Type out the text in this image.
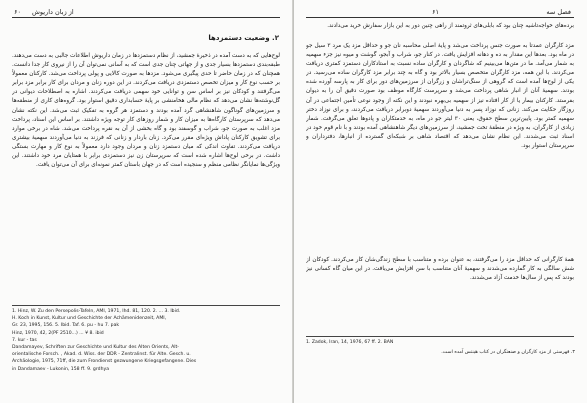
۶۰ از زبان داریوش
۲. وضعیت دستمزدها
لوح‌هایی که به دست آمده در ذخیرهٔ جمشید، از نظام دستمزدها در زمان داریوش اطلاعات جالبی به دست می‌دهند. طبقه‌بندی دستمزدها بسیار جدی و از جهاتی چنان جدی است که به آسانی نمی‌توان آن را از نیروی کار جدا دانست. همچنان که در زمان حاضر تا حدی پیگیری می‌شود. مزدها به صورت کالایی و پولی پرداخت می‌شد. کارکنان معمولاً بر حسب نوع کار و میزان تخصص دستمزدی دریافت می‌کردند. در این دوره زنان و مردان برای کار برابر مزد برابر می‌گرفتند و کودکان نیز بر اساس سن و توانایی خود سهمی دریافت می‌کردند. اشاره به اصطلاحات دیوانی در گل‌نوشته‌ها نشان می‌دهد که نظام مالی هخامنشی بر پایهٔ حسابداری دقیق استوار بود. گروه‌های کاری از منطقه‌ها و سرزمین‌های گوناگون شاهنشاهی گرد آمده بودند و دستمزد هر گروه به تفکیک ثبت می‌شد. این نکته نشان می‌دهد که سرپرستان کارگاه‌ها به میزان کار و شمار روزهای کار توجه ویژه داشتند. بر اساس این اسناد، پرداخت مزد اغلب به صورت جو، شراب و گوسفند بود و گاه بخشی از آن به نقره پرداخت می‌شد. شاه در برخی موارد برای تشویق کارکنان پاداش ویژه‌ای مقرر می‌کرد. زنان باردار و زنانی که فرزند به دنیا می‌آوردند سهمیهٔ بیشتری دریافت می‌کردند. تفاوت اندکی که میان دستمزد زنان و مردان وجود دارد معمولاً به نوع کار و مهارت بستگی داشت. در برخی لوح‌ها اشاره شده است که سرپرستان زن نیز دستمزدی برابر با همتایان مرد خود داشتند. این ویژگی‌ها نمایانگر نظامی منظم و سنجیده است که در جهان باستان کمتر نمونه‌ای برای آن می‌توان یافت.
1. Hinz, W. Zu den Persepolis-Tafeln, AMI, 1971, Ihd. 81, 120. 2. ... 3. Ibid.
H. Koch in Kunst, Kultur und Geschichte der Achämenidenzeit, AMI,
Gr. 23, 1995, 156. 5. Ibid. Taf. 6. pu - hu 7. pak
Hinz, 1970, 42, 2(PF 2510...) ... ¥ 8. ibid
7. kur - tas
Dandamayev, Schriften zur Geschichte und Kultur des Alten Orients, Alt-
orientalische Forsch. , Akad. d. Wiss. der DDR - Zentralinst. für Alte. Gesch. u.
Archäologie, 1975, 71ff, die zum Frondienst gezwungene Kriegsgefangene. Dies
in Dandamaev - Lukonin, 158 ff. 9. grdhya
فصل سه
۶۱
برده‌های خواجه‌تاشیه چنان بود که بابلی‌های ثروتمند از راهی چنین دور به این بازار سفارش خرید می‌دادند.
مزد کارگران عمدتاً به صورت جنس پرداخت می‌شد و پایهٔ اصلی محاسبه نان جو و حداقل مزد یک مرد ۳ سیل جو در ماه بود. بعدها این مقدار به ده و دهانه افزایش یافت. در کنار جو، شراب و آبجو، گوشت و میوه نیز جزء سهمیه به شمار می‌آمد. ما در متن‌ها می‌بینیم که شاگردان و کارگران ساده نسبت به استادکاران دستمزد کمتری دریافت می‌کردند. با این همه، مزد کارگران متخصص بسیار بالاتر بود و گاه به چند برابر مزد کارگران ساده می‌رسید. در یکی از لوح‌ها آمده است که گروهی از سنگ‌تراشان و زرگران از سرزمین‌های دور برای کار به پارسه آورده شده بودند. سهمیهٔ آنان از انبار شاهی پرداخت می‌شد و سرپرست کارگاه موظف بود صورت دقیق آن را به دیوان بفرستد. کارکنان بیمار یا از کار افتاده نیز از سهمیه بی‌بهره نبودند و این نکته از وجود نوعی تأمین اجتماعی در آن روزگار حکایت می‌کند. زنانی که نوزاد پسر به دنیا می‌آوردند سهمیهٔ دوبرابر دریافت می‌کردند، و برای نوزاد دختر سهمیه کمتر بود. پایین‌ترین سطح حقوق، یعنی ۳۰ لیتر جو در ماه، به خدمتکاران و پادوها تعلق می‌گرفت. شمار زیادی از کارگران، به ویژه در منطقهٔ تخت جمشید، از سرزمین‌های دیگر شاهنشاهی آمده بودند و با نام قوم خود در اسناد ثبت می‌شدند. این نظام نشان می‌دهد که اقتصاد شاهی بر شبکه‌ای گسترده از انبارها، دفترداران و سرپرستان استوار بود.
همهٔ کارگرانی که حداقل مزد را می‌گرفتند، به عنوان برده و متناسب با سطح زندگی‌شان کار می‌کردند. کودکان از شش سالگی به کار گمارده می‌شدند و سهمیهٔ آنان متناسب با سن افزایش می‌یافت. در این میان گاه کسانی نیز بودند که پس از سال‌ها خدمت آزاد می‌شدند.
1. Zadok, Iran, 14, 1976, 67 ff. 2. BAN
۳. فهرستی از مزد کارگران و صنعتگران در کتاب هینتس آمده است.
